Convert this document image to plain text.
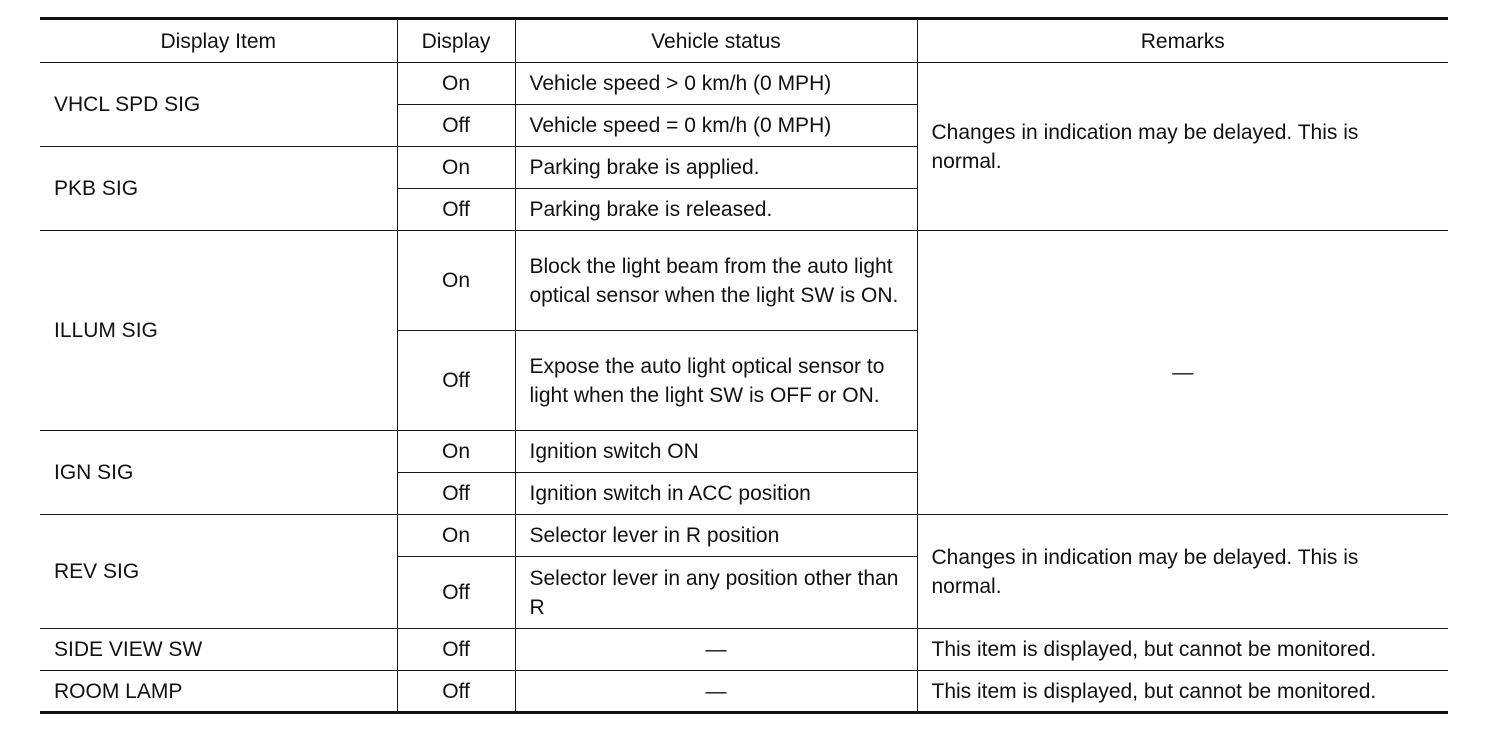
Display Item	Display	Vehicle status	Remarks
VHCL SPD SIG	On	Vehicle speed > 0 km/h (0 MPH)	Changes in indication may be delayed. This is normal.
	Off	Vehicle speed = 0 km/h (0 MPH)	
PKB SIG	On	Parking brake is applied.	
	Off	Parking brake is released.	
ILLUM SIG	On	Block the light beam from the auto light optical sensor when the light SW is ON.	—
	Off	Expose the auto light optical sensor to light when the light SW is OFF or ON.	
IGN SIG	On	Ignition switch ON	
	Off	Ignition switch in ACC position	
REV SIG	On	Selector lever in R position	Changes in indication may be delayed. This is normal.
	Off	Selector lever in any position other than R	
SIDE VIEW SW	Off	—	This item is displayed, but cannot be monitored.
ROOM LAMP	Off	—	This item is displayed, but cannot be monitored.
